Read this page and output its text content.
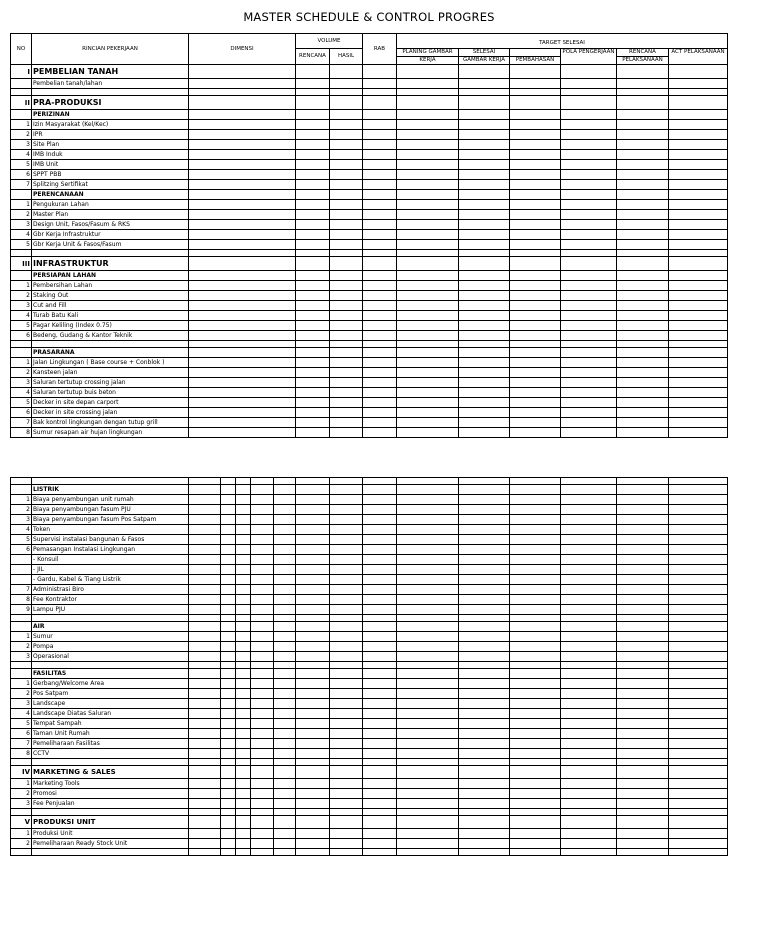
MASTER SCHEDULE & CONTROL PROGRES
NO	RINCIAN PEKERJAAN	DIMENSI	VOLUME		RAB	TARGET SELESAI					
			RENCANA	HASIL		PLANING GAMBAR	SELESAI		POLA PENGERJAAN	RENCANA	ACT PELAKSANAAN
						KERJA	GAMBAR KERJA	PEMBAHASAN		PELAKSANAAN	
I	PEMBELIAN TANAH										
	Pembelian tanah/lahan										

II	PRA-PRODUKSI										
	PERIZINAN										
1	Izin Masyarakat (Kel/Kec)										
2	IPR										
3	Site Plan										
4	IMB Induk										
5	IMB Unit										
6	SPPT PBB										
7	Splitzing Sertifikat										
	PERENCANAAN										
1	Pengukuran Lahan										
2	Master Plan										
3	Design Unit, Fasos/Fasum & RKS										
4	Gbr Kerja Infrastruktur										
5	Gbr Kerja Unit & Fasos/Fasum										

III	INFRASTRUKTUR										
	PERSIAPAN LAHAN										
1	Pembersihan Lahan										
2	Staking Out										
3	Cut and Fill										
4	Turab Batu Kali										
5	Pagar Keliling (Index 0.75)										
6	Bedeng, Gudang & Kantor Teknik										

	PRASARANA										
1	Jalan Lingkungan ( Base course + Conblok )										
2	Kansteen jalan										
3	Saluran tertutup crossing jalan										
4	Saluran tertutup buis beton										
5	Decker in site depan carport										
6	Decker in site crossing jalan										
7	Bak kontrol lingkungan dengan tutup grill										
8	Sumur resapan air hujan lingkungan										

	LISTRIK														
1	Biaya penyambungan unit rumah														
2	Biaya penyambungan fasum PJU														
3	Biaya penyambungan fasum Pos Satpam														
4	Token														
5	Supervisi instalasi bangunan & Fasos														
6	Pemasangan Instalasi Lingkungan														
	- Konsuil														
	- JIL														
	- Gardu, Kabel & Tiang Listrik														
7	Administrasi Biro														
8	Fee Kontraktor														
9	Lampu PJU														

	AIR														
1	Sumur														
2	Pompa														
3	Operasional														

	FASILITAS														
1	Gerbang/Welcome Area														
2	Pos Satpam														
3	Landscape														
4	Landscape Diatas Saluran														
5	Tempat Sampah														
6	Taman Unit Rumah														
7	Pemeliharaan Fasilitas														
8	CCTV														

IV	MARKETING & SALES														
1	Marketing Tools														
2	Promosi														
3	Fee Penjualan														

V	PRODUKSI UNIT														
1	Produksi Unit														
2	Pemeliharaan Ready Stock Unit														
